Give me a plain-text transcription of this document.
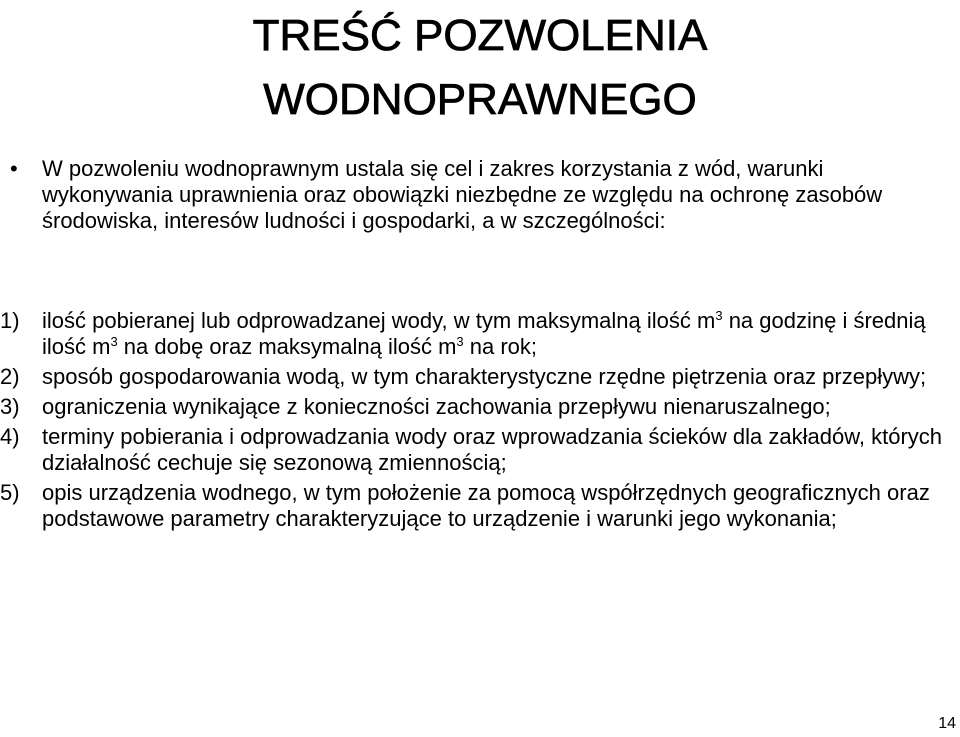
TREŚĆ POZWOLENIA
WODNOPRAWNEGO
•	W pozwoleniu wodnoprawnym ustala się cel i zakres korzystania z wód, warunki wykonywania uprawnienia oraz obowiązki niezbędne ze względu na ochronę zasobów środowiska, interesów ludności i gospodarki, a w szczególności:
1)	ilość pobieranej lub odprowadzanej wody, w tym maksymalną ilość $m^3$ na godzinę i średnią ilość $m^3$ na dobę oraz maksymalną ilość $m^3$ na rok;
2)	sposób gospodarowania wodą, w tym charakterystyczne rzędne piętrzenia oraz przepływy;
3)	ograniczenia wynikające z konieczności zachowania przepływu nienaruszalnego;
4)	terminy pobierania i odprowadzania wody oraz wprowadzania ścieków dla zakładów, których działalność cechuje się sezonową zmiennością;
5)	opis urządzenia wodnego, w tym położenie za pomocą współrzędnych geograficznych oraz podstawowe parametry charakteryzujące to urządzenie i warunki jego wykonania;
14
